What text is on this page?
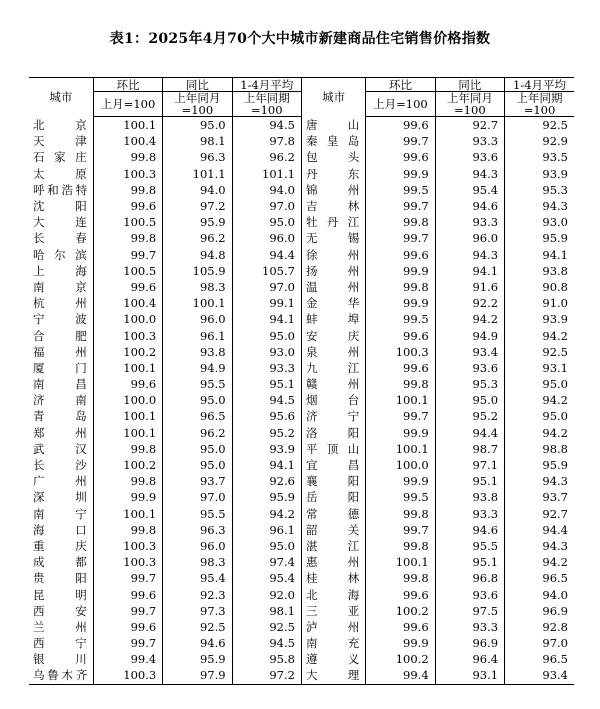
表1：2025年4月70个大中城市新建商品住宅销售价格指数
城市	环比	同比	1-4月平均	城市	环比	同比	1-4月平均
	上月=100	上年同月=100	上年同期=100		上月=100	上年同月=100	上年同期=100
北　京	100.1	95.0	94.5	唐　山	99.6	92.7	92.5
天　津	100.4	98.1	97.8	秦皇岛	99.7	93.3	92.9
石家庄	99.8	96.3	96.2	包　头	99.6	93.6	93.5
太　原	100.3	101.1	101.1	丹　东	99.9	94.3	93.9
呼和浩特	99.8	94.0	94.0	锦　州	99.5	95.4	95.3
沈　阳	99.6	97.2	97.0	吉　林	99.7	94.6	94.3
大　连	100.5	95.9	95.0	牡丹江	99.8	93.3	93.0
长　春	99.8	96.2	96.0	无　锡	99.7	96.0	95.9
哈尔滨	99.7	94.8	94.4	徐　州	99.6	94.3	94.1
上　海	100.5	105.9	105.7	扬　州	99.9	94.1	93.8
南　京	99.6	98.3	97.0	温　州	99.8	91.6	90.8
杭　州	100.4	100.1	99.1	金　华	99.9	92.2	91.0
宁　波	100.0	96.0	94.1	蚌　埠	99.5	94.2	93.9
合　肥	100.3	96.1	95.0	安　庆	99.6	94.9	94.2
福　州	100.2	93.8	93.0	泉　州	100.3	93.4	92.5
厦　门	100.1	94.9	93.3	九　江	99.6	93.6	93.1
南　昌	99.6	95.5	95.1	赣　州	99.8	95.3	95.0
济　南	100.0	95.0	94.5	烟　台	100.1	95.0	94.2
青　岛	100.1	96.5	95.6	济　宁	99.7	95.2	95.0
郑　州	100.1	96.2	95.2	洛　阳	99.9	94.4	94.2
武　汉	99.8	95.0	93.9	平顶山	100.1	98.7	98.8
长　沙	100.2	95.0	94.1	宜　昌	100.0	97.1	95.9
广　州	99.8	93.7	92.6	襄　阳	99.9	95.1	94.3
深　圳	99.9	97.0	95.9	岳　阳	99.5	93.8	93.7
南　宁	100.1	95.5	94.2	常　德	99.8	93.3	92.7
海　口	99.8	96.3	96.1	韶　关	99.7	94.6	94.4
重　庆	100.3	96.0	95.0	湛　江	99.8	95.5	94.3
成　都	100.3	98.3	97.4	惠　州	100.1	95.1	94.2
贵　阳	99.7	95.4	95.4	桂　林	99.8	96.8	96.5
昆　明	99.6	92.3	92.0	北　海	99.6	93.6	94.0
西　安	99.7	97.3	98.1	三　亚	100.2	97.5	96.9
兰　州	99.6	92.5	92.5	泸　州	99.6	93.3	92.8
西　宁	99.7	94.6	94.5	南　充	99.9	96.9	97.0
银　川	99.4	95.9	95.8	遵　义	100.2	96.4	96.5
乌鲁木齐	100.3	97.9	97.2	大　理	99.4	93.1	93.4
